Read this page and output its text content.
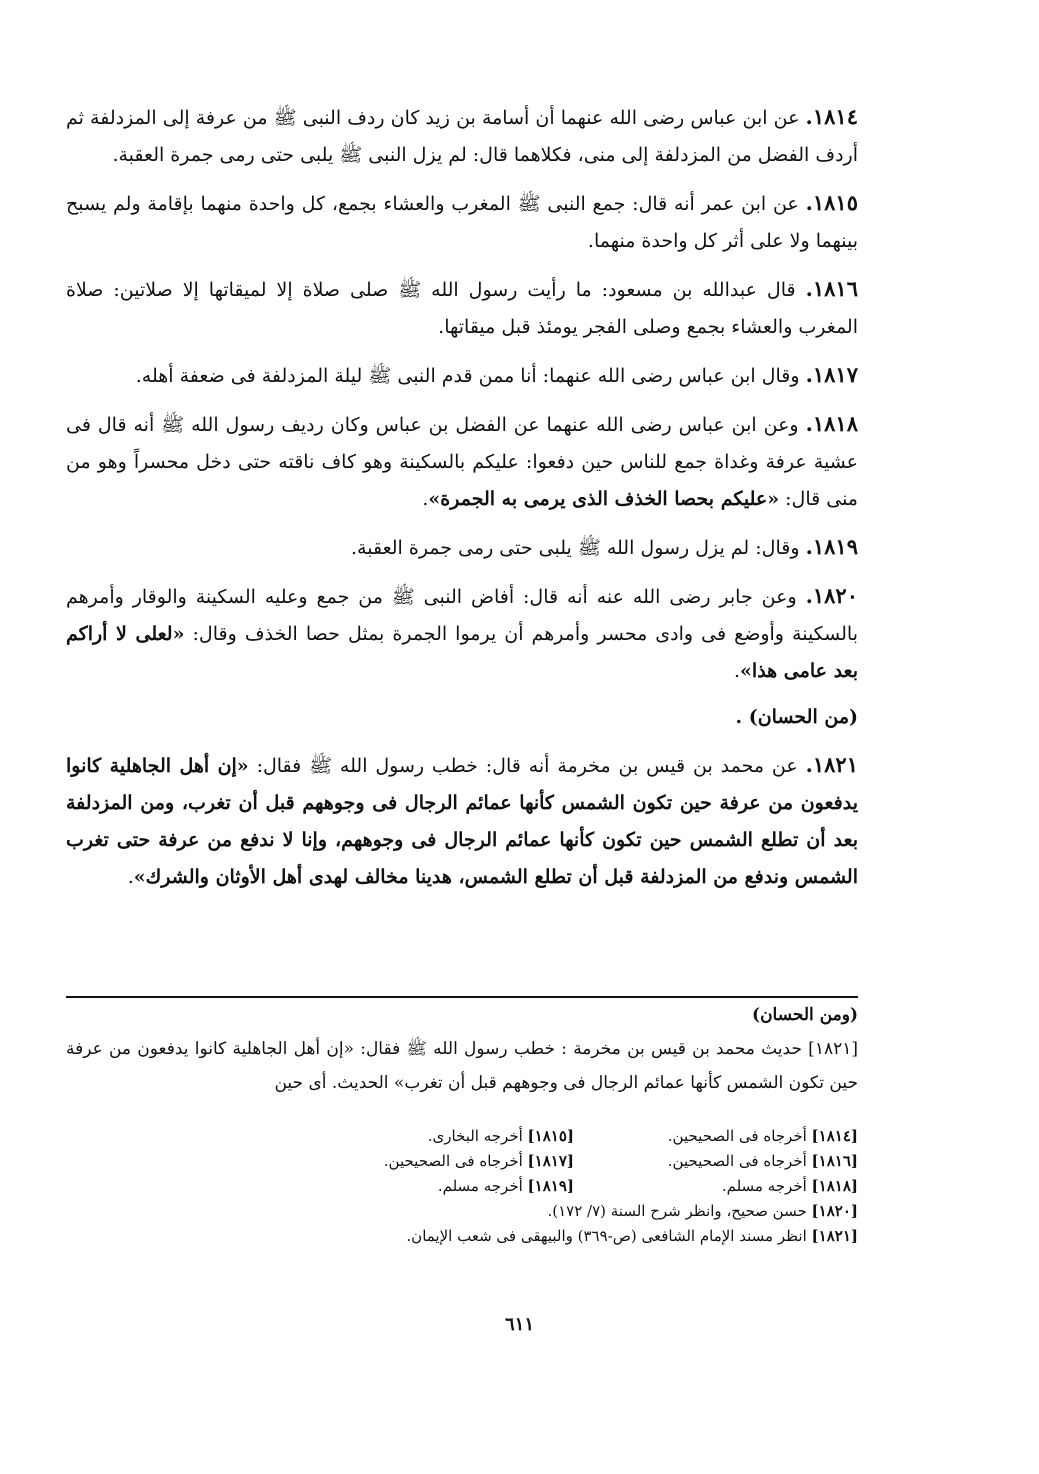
١٨١٤. عن ابن عباس رضى الله عنهما أن أسامة بن زيد كان ردف النبى ﷺ من عرفة إلى المزدلفة ثم أردف الفضل من المزدلفة إلى منى، فكلاهما قال: لم يزل النبى ﷺ يلبى حتى رمى جمرة العقبة.

١٨١٥. عن ابن عمر أنه قال: جمع النبى ﷺ المغرب والعشاء بجمع، كل واحدة منهما بإقامة ولم يسبح بينهما ولا على أثر كل واحدة منهما.

١٨١٦. قال عبدالله بن مسعود: ما رأيت رسول الله ﷺ صلى صلاة إلا لميقاتها إلا صلاتين: صلاة المغرب والعشاء بجمع وصلى الفجر يومئذ قبل ميقاتها.

١٨١٧. وقال ابن عباس رضى الله عنهما: أنا ممن قدم النبى ﷺ ليلة المزدلفة فى ضعفة أهله.

١٨١٨. وعن ابن عباس رضى الله عنهما عن الفضل بن عباس وكان رديف رسول الله ﷺ أنه قال فى عشية عرفة وغداة جمع للناس حين دفعوا: عليكم بالسكينة وهو كاف ناقته حتى دخل محسراً وهو من منى قال: «عليكم بحصا الخذف الذى يرمى به الجمرة».

١٨١٩. وقال: لم يزل رسول الله ﷺ يلبى حتى رمى جمرة العقبة.

١٨٢٠. وعن جابر رضى الله عنه أنه قال: أفاض النبى ﷺ من جمع وعليه السكينة والوقار وأمرهم بالسكينة وأوضع فى وادى محسر وأمرهم أن يرموا الجمرة بمثل حصا الخذف وقال: «لعلى لا أراكم بعد عامى هذا».

(من الحسان) .

١٨٢١. عن محمد بن قيس بن مخرمة أنه قال: خطب رسول الله ﷺ فقال: «إن أهل الجاهلية كانوا يدفعون من عرفة حين تكون الشمس كأنها عمائم الرجال فى وجوههم قبل أن تغرب، ومن المزدلفة بعد أن تطلع الشمس حين تكون كأنها عمائم الرجال فى وجوههم، وإنا لا ندفع من عرفة حتى تغرب الشمس وندفع من المزدلفة قبل أن تطلع الشمس، هدينا مخالف لهدى أهل الأوثان والشرك».

(ومن الحسان)
[١٨٢١] حديث محمد بن قيس بن مخرمة : خطب رسول الله ﷺ فقال: «إن أهل الجاهلية كانوا يدفعون من عرفة حين تكون الشمس كأنها عمائم الرجال فى وجوههم قبل أن تغرب» الحديث. أى حين
[١٨١٤] أخرجاه فى الصحيحين.
[١٨١٥] أخرجه البخارى.
[١٨١٦] أخرجاه فى الصحيحين.
[١٨١٧] أخرجاه فى الصحيحين.
[١٨١٨] أخرجه مسلم.
[١٨١٩] أخرجه مسلم.
[١٨٢٠] حسن صحيح، وانظر شرح السنة (٧/ ١٧٢).
[١٨٢١] انظر مسند الإمام الشافعى (ص-٣٦٩) والبيهقى فى شعب الإيمان.
٦١١
